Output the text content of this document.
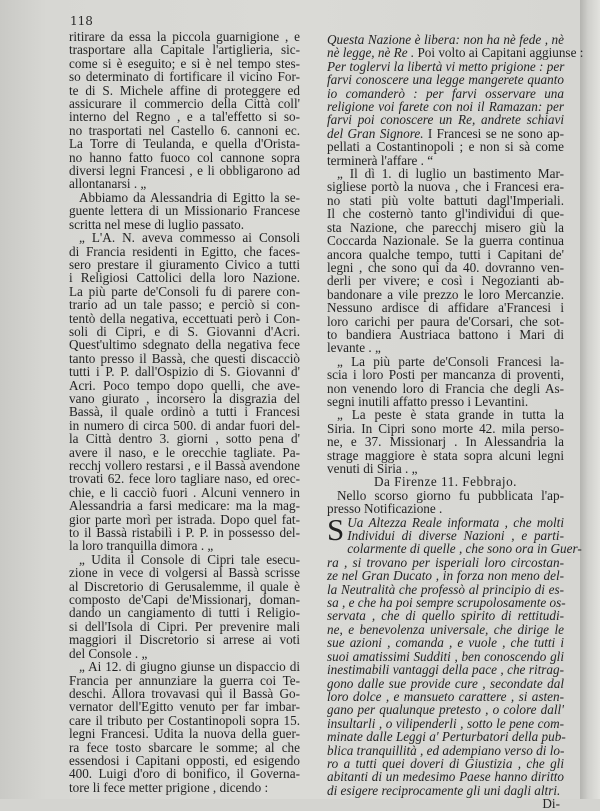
118
ritirare da essa la piccola guarnigione , e
trasportare alla Capitale l'artiglieria, sic-
come si è eseguito; e si è nel tempo stes-
so determinato di fortificare il vicino For-
te di S. Michele affine di proteggere ed
assicurare il commercio della Città coll'
interno del Regno , e a tal'effetto si so-
no trasportati nel Castello 6. cannoni ec.
La Torre di Teulanda, e quella d'Orista-
no hanno fatto fuoco col cannone sopra
diversi legni Francesi , e li obbligarono ad
allontanarsi . „
Abbiamo da Alessandria di Egitto la se-
guente lettera di un Missionario Francese
scritta nel mese di luglio passato.
„ L'A. N. aveva commesso ai Consoli
di Francia residenti in Egitto, che faces-
sero prestare il giuramento Civico a tutti
i Religiosi Cattolici della loro Nazione.
La più parte de'Consoli fu di parere con-
trario ad un tale passo; e perciò si con-
tentò della negativa, eccettuati però i Con-
soli di Cipri, e di S. Giovanni d'Acri.
Quest'ultimo sdegnato della negativa fece
tanto presso il Bassà, che questi discacciò
tutti i P. P. dall'Ospizio di S. Giovanni d'
Acri. Poco tempo dopo quelli, che ave-
vano giurato , incorsero la disgrazia del
Bassà, il quale ordinò a tutti i Francesi
in numero di circa 500. di andar fuori del-
la Città dentro 3. giorni , sotto pena d'
avere il naso, e le orecchie tagliate. Pa-
recchj vollero restarsi , e il Bassà avendone
trovati 62. fece loro tagliare naso, ed orec-
chie, e li cacciò fuori . Alcuni vennero in
Alessandria a farsi medicare: ma la mag-
gior parte morì per istrada. Dopo quel fat-
to il Bassà ristabilì i P. P. in possesso del-
la loro tranquilla dimora . „
„ Udita il Console di Cipri tale esecu-
zione in vece di volgersi al Bassà scrisse
al Discretorio di Gerusalemme, il quale è
composto de'Capi de'Missionarj, doman-
dando un cangiamento di tutti i Religio-
si dell'Isola di Cipri. Per prevenire mali
maggiori il Discretorio si arrese ai voti
del Console . „
„ Ai 12. di giugno giunse un dispaccio di
Francia per annunziare la guerra coi Te-
deschi. Allora trovavasi quì il Bassà Go-
vernator dell'Egitto venuto per far imbar-
care il tributo per Costantinopoli sopra 15.
legni Francesi. Udita la nuova della guer-
ra fece tosto sbarcare le somme; al che
essendosi i Capitani opposti, ed esigendo
400. Luigi d'oro di bonifico, il Governa-
tore li fece metter prigione , dicendo :
Questa Nazione è libera: non ha nè fede , nè
nè legge, nè Re . Poi volto ai Capitani aggiunse :
Per toglervi la libertà vi metto prigione : per
farvi conoscere una legge mangerete quanto
io comanderò : per farvi osservare una
religione voi farete con noi il Ramazan: per
farvi poi conoscere un Re, andrete schiavi
del Gran Signore. I Francesi se ne sono ap-
pellati a Costantinopoli ; e non si sà come
terminerà l'affare . “
„ Il dì 1. di luglio un bastimento Mar-
sigliese portò la nuova , che i Francesi era-
no stati più volte battuti dagl'Imperiali.
Il che costernò tanto gl'individui di que-
sta Nazione, che parecchj misero giù la
Coccarda Nazionale. Se la guerra continua
ancora qualche tempo, tutti i Capitani de'
legni , che sono quì da 40. dovranno ven-
derli per vivere; e così i Negozianti ab-
bandonare a vile prezzo le loro Mercanzie.
Nessuno ardisce di affidare a'Francesi i
loro carichi per paura de'Corsari, che sot-
to bandiera Austriaca battono i Mari di
levante . „
„ La più parte de'Consoli Francesi la-
scia i loro Posti per mancanza di proventi,
non venendo loro di Francia che degli As-
segni inutili affatto presso i Levantini.
„ La peste è stata grande in tutta la
Siria. In Cipri sono morte 42. mila perso-
ne, e 37. Missionarj . In Alessandria la
strage maggiore è stata sopra alcuni legni
venuti di Siria . „
Da Firenze 11. Febbrajo.
Nello scorso giorno fu pubblicata l'ap-
presso Notificazione .
S Ua Altezza Reale informata , che molti
Individui di diverse Nazioni , e parti-
colarmente di quelle , che sono ora in Guer-
ra , si trovano per isperiali loro circostan-
ze nel Gran Ducato , in forza non meno del-
la Neutralità che professò al principio di es-
sa , e che ha poi sempre scrupolosamente os-
servata , che di quello spirito di rettitudi-
ne, e benevolenza universale, che dirige le
sue azioni , comanda , e vuole , che tutti i
suoi amatissimi Sudditi , ben conoscendo gli
inestimabili vantaggi della pace , che ritrag-
gono dalle sue provide cure , secondate dal
loro dolce , e mansueto carattere , si asten-
gano per qualunque pretesto , o colore dall'
insultarli , o vilipenderli , sotto le pene com-
minate dalle Leggi a' Perturbatori della pub-
blica tranquillità , ed adempiano verso di lo-
ro a tutti quei doveri di Giustizia , che gli
abitanti di un medesimo Paese hanno diritto
di esigere reciprocamente gli uni dagli altri.
Di-
